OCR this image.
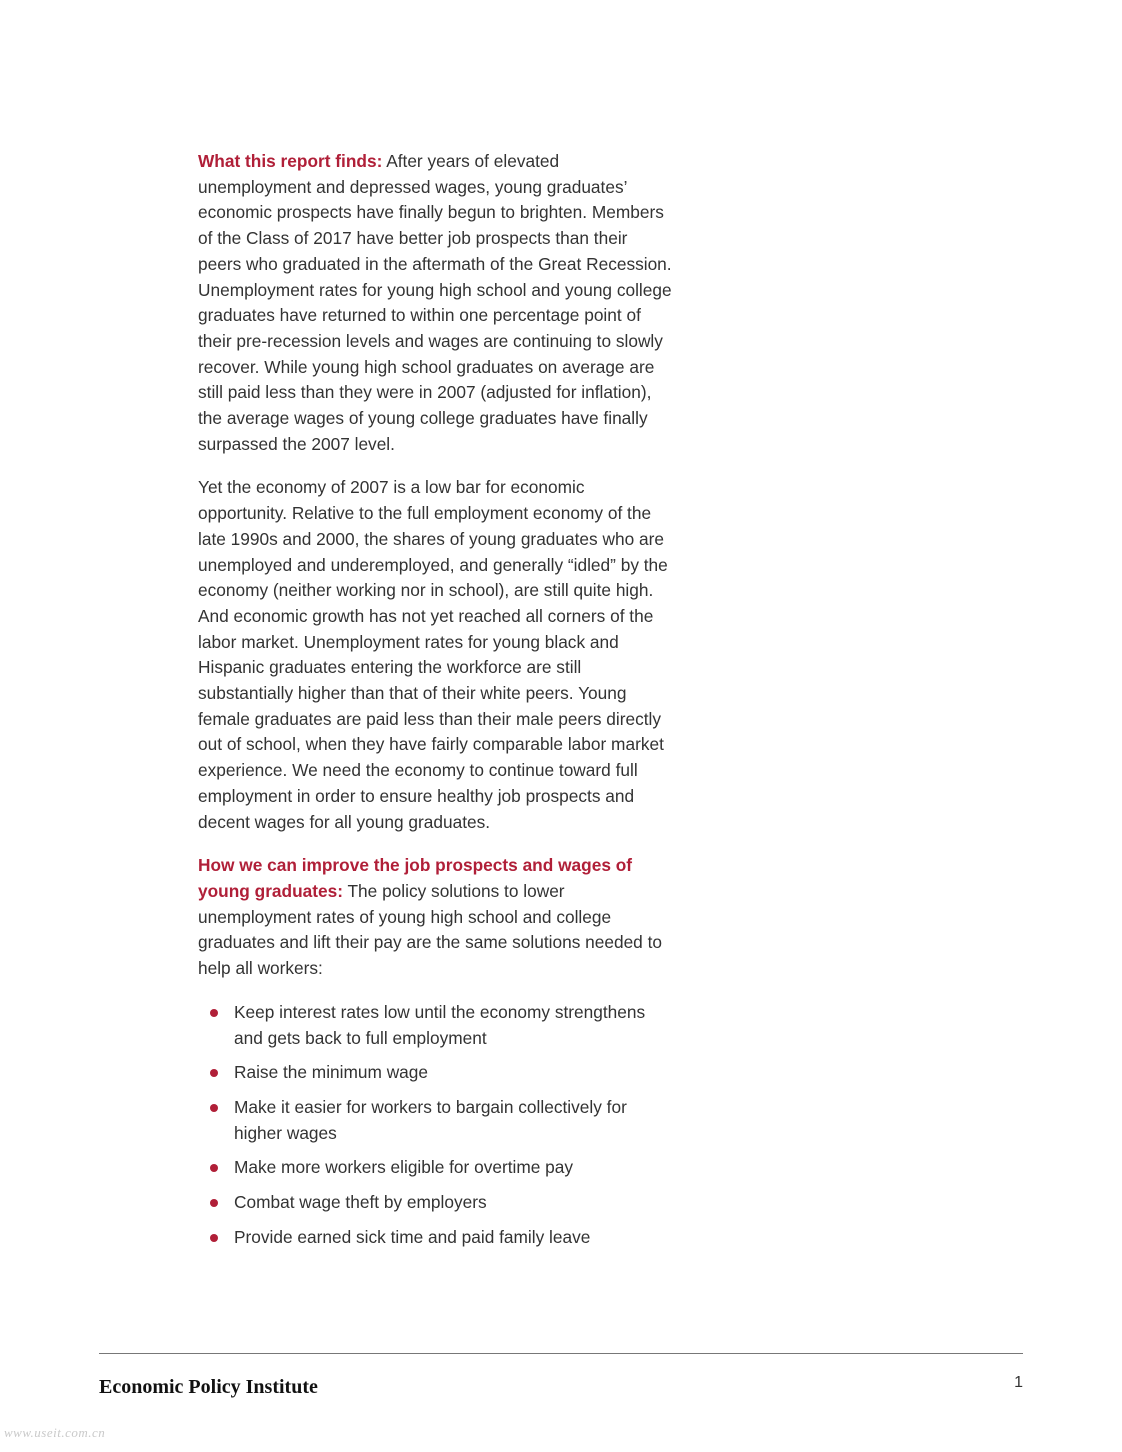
What this report finds: After years of elevated unemployment and depressed wages, young graduates’ economic prospects have finally begun to brighten. Members of the Class of 2017 have better job prospects than their peers who graduated in the aftermath of the Great Recession. Unemployment rates for young high school and young college graduates have returned to within one percentage point of their pre-recession levels and wages are continuing to slowly recover. While young high school graduates on average are still paid less than they were in 2007 (adjusted for inflation), the average wages of young college graduates have finally surpassed the 2007 level.

Yet the economy of 2007 is a low bar for economic opportunity. Relative to the full employment economy of the late 1990s and 2000, the shares of young graduates who are unemployed and underemployed, and generally “idled” by the economy (neither working nor in school), are still quite high. And economic growth has not yet reached all corners of the labor market. Unemployment rates for young black and Hispanic graduates entering the workforce are still substantially higher than that of their white peers. Young female graduates are paid less than their male peers directly out of school, when they have fairly comparable labor market experience. We need the economy to continue toward full employment in order to ensure healthy job prospects and decent wages for all young graduates.

How we can improve the job prospects and wages of young graduates: The policy solutions to lower unemployment rates of young high school and college graduates and lift their pay are the same solutions needed to help all workers:

Keep interest rates low until the economy strengthens and gets back to full employment
Raise the minimum wage
Make it easier for workers to bargain collectively for higher wages
Make more workers eligible for overtime pay
Combat wage theft by employers
Provide earned sick time and paid family leave
Economic Policy Institute	1
www.useit.com.cn
